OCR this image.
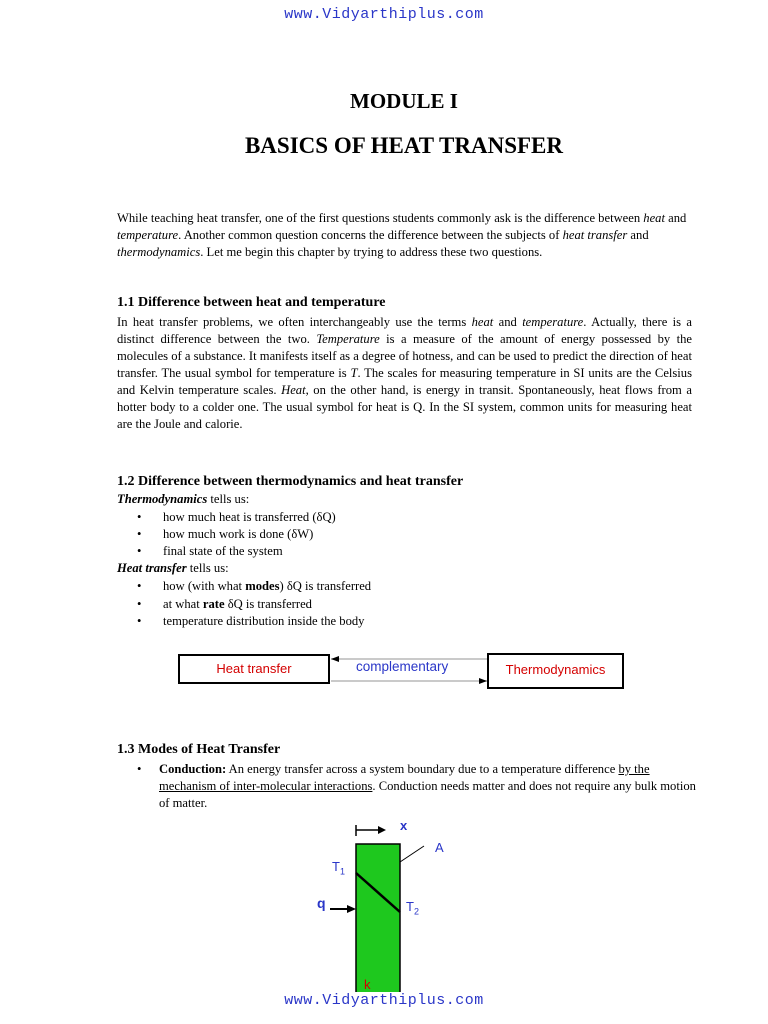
www.Vidyarthiplus.com
MODULE I
BASICS OF HEAT TRANSFER
While teaching heat transfer, one of the first questions students commonly ask is the difference between heat and temperature. Another common question concerns the difference between the subjects of heat transfer and thermodynamics. Let me begin this chapter by trying to address these two questions.
1.1 Difference between heat and temperature
In heat transfer problems, we often interchangeably use the terms heat and temperature. Actually, there is a distinct difference between the two. Temperature is a measure of the amount of energy possessed by the molecules of a substance. It manifests itself as a degree of hotness, and can be used to predict the direction of heat transfer. The usual symbol for temperature is T. The scales for measuring temperature in SI units are the Celsius and Kelvin temperature scales. Heat, on the other hand, is energy in transit. Spontaneously, heat flows from a hotter body to a colder one. The usual symbol for heat is Q. In the SI system, common units for measuring heat are the Joule and calorie.
1.2 Difference between thermodynamics and heat transfer
Thermodynamics tells us:
• how much heat is transferred (δQ)
• how much work is done (δW)
• final state of the system
Heat transfer tells us:
• how (with what modes) δQ is transferred
• at what rate δQ is transferred
• temperature distribution inside the body
Heat transfer	Thermodynamics
complementary
1.3 Modes of Heat Transfer
• Conduction: An energy transfer across a system boundary due to a temperature difference by the mechanism of inter-molecular interactions. Conduction needs matter and does not require any bulk motion of matter.
x
A
$T_1$
$T_2$
q
k
www.Vidyarthiplus.com
